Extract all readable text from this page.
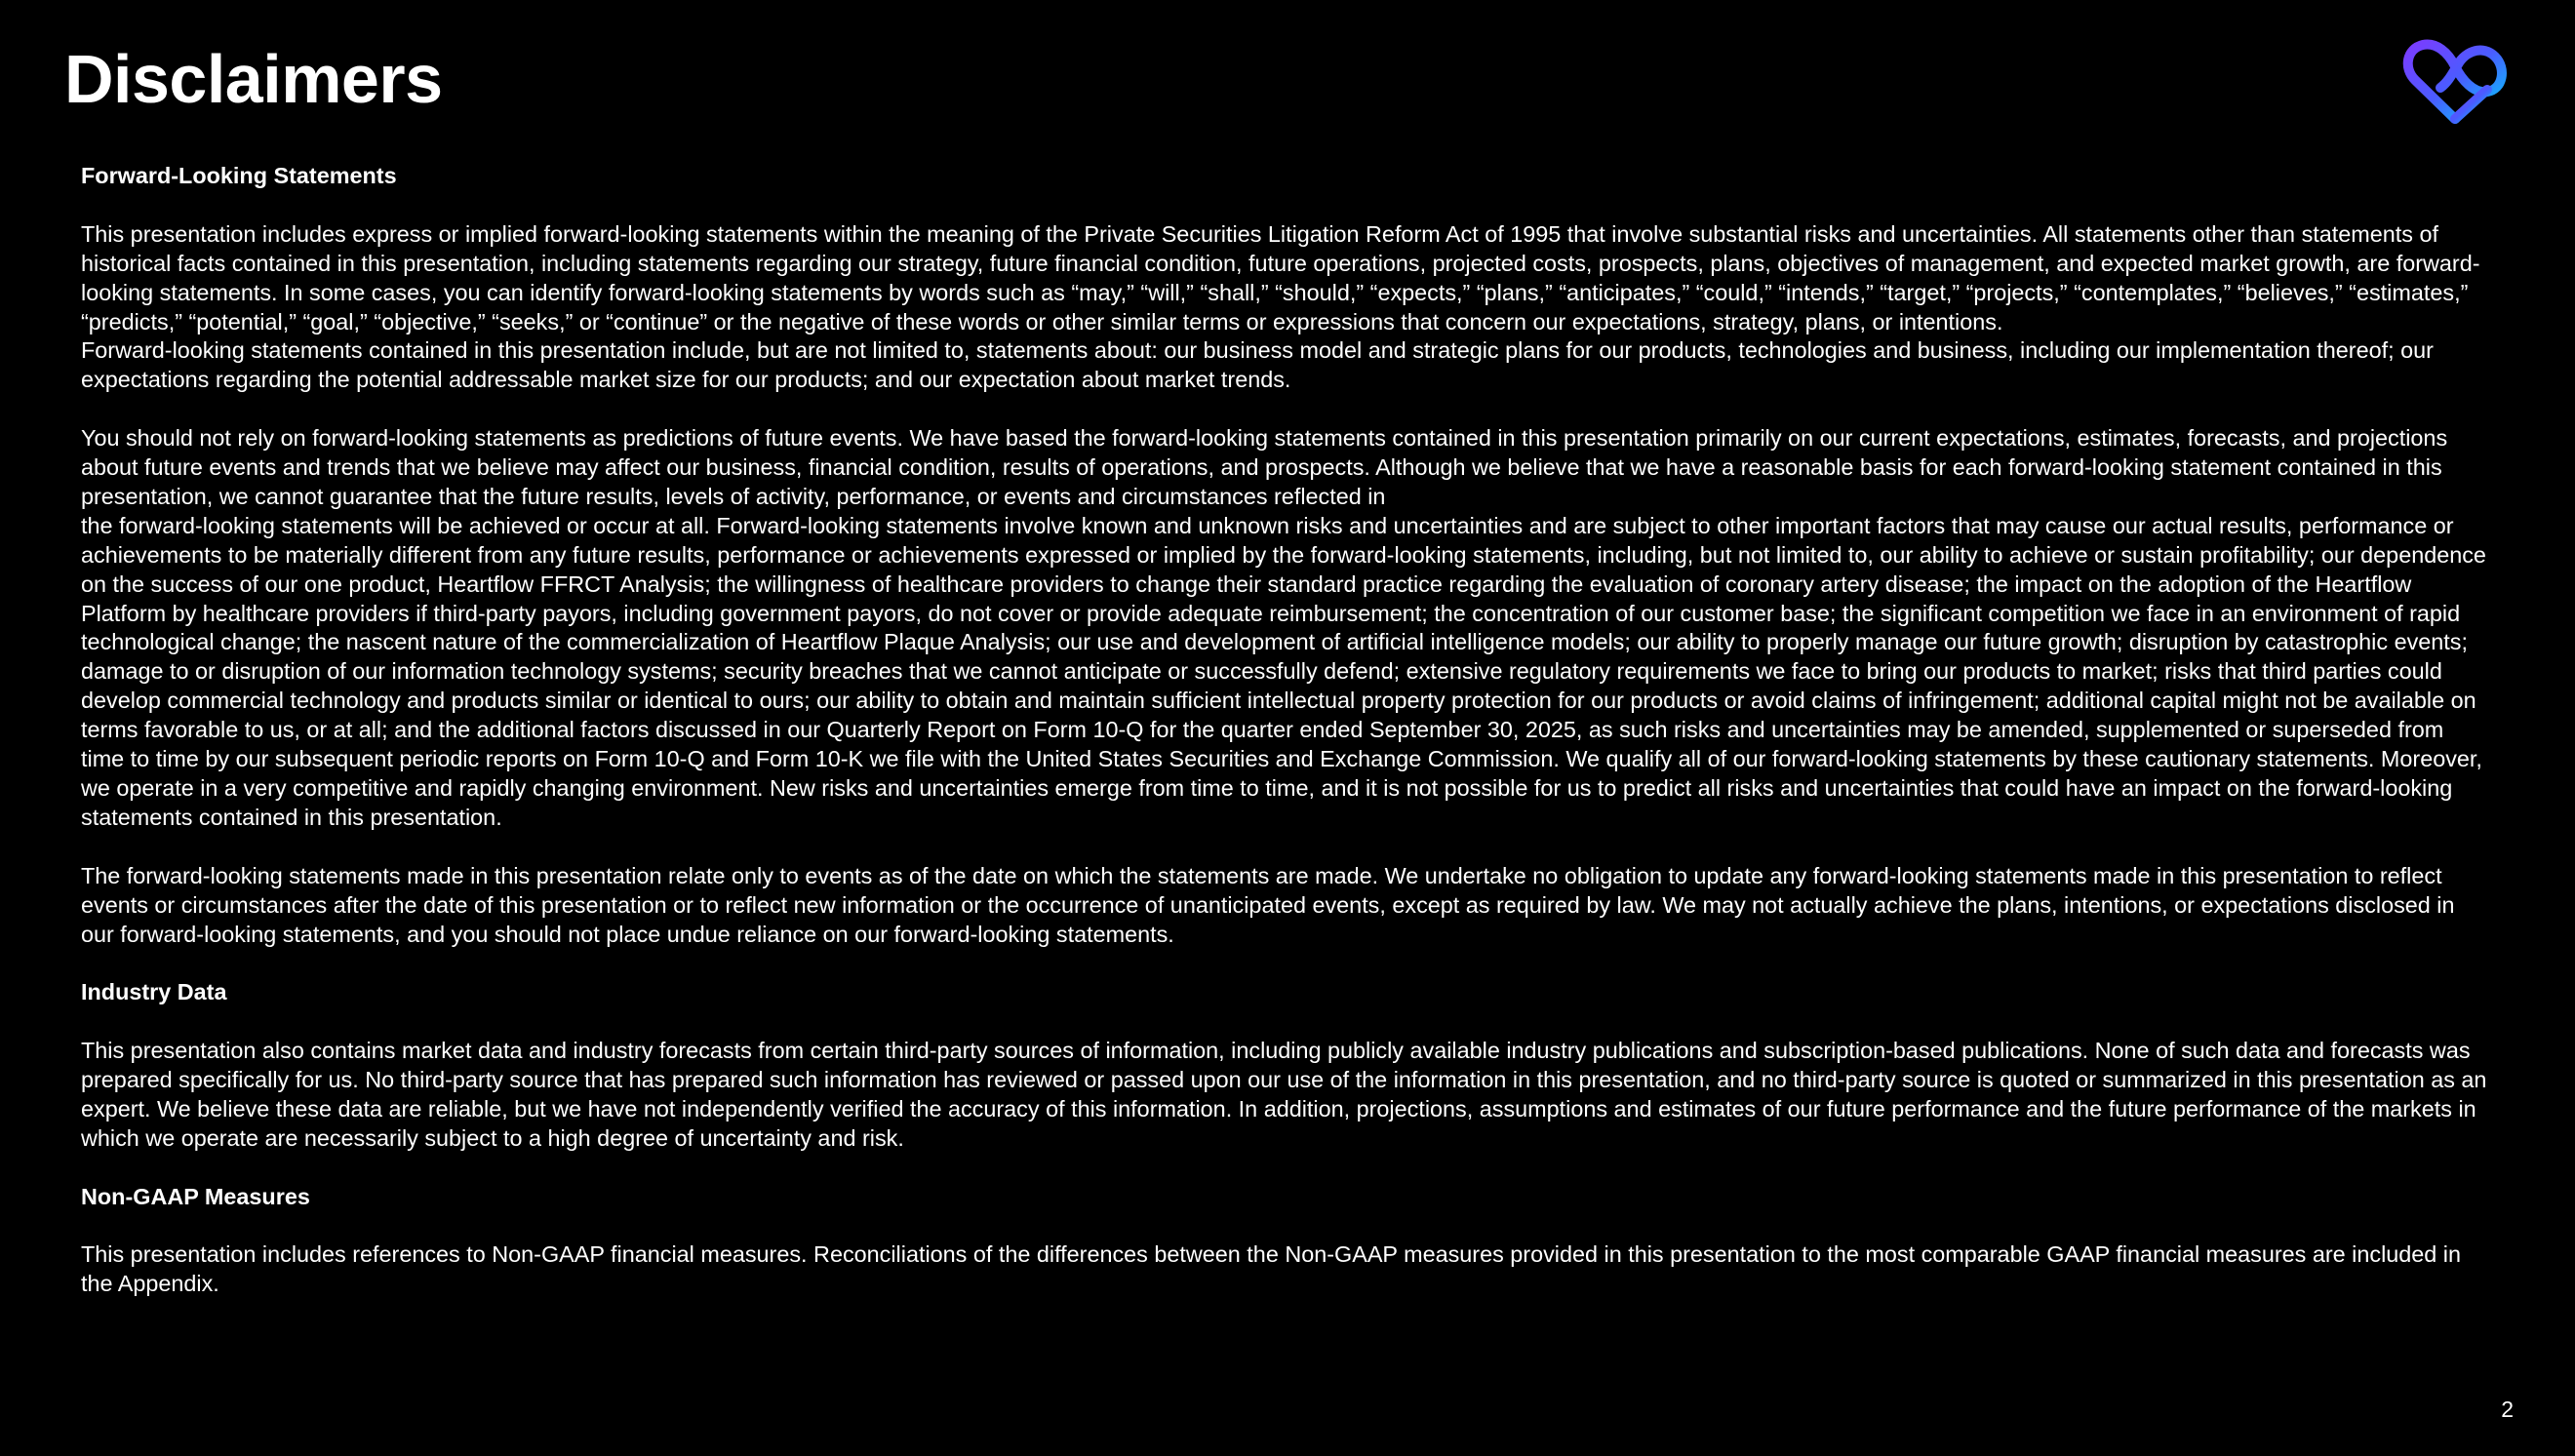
Disclaimers

Forward-Looking Statements

This presentation includes express or implied forward-looking statements within the meaning of the Private Securities Litigation Reform Act of 1995 that involve substantial risks and uncertainties. All statements other than statements of historical facts contained in this presentation, including statements regarding our strategy, future financial condition, future operations, projected costs, prospects, plans, objectives of management, and expected market growth, are forward-looking statements. In some cases, you can identify forward-looking statements by words such as “may,” “will,” “shall,” “should,” “expects,” “plans,” “anticipates,” “could,” “intends,” “target,” “projects,” “contemplates,” “believes,” “estimates,” “predicts,” “potential,” “goal,” “objective,” “seeks,” or “continue” or the negative of these words or other similar terms or expressions that concern our expectations, strategy, plans, or intentions.

Forward-looking statements contained in this presentation include, but are not limited to, statements about: our business model and strategic plans for our products, technologies and business, including our implementation thereof; our expectations regarding the potential addressable market size for our products; and our expectation about market trends.

You should not rely on forward-looking statements as predictions of future events. We have based the forward-looking statements contained in this presentation primarily on our current expectations, estimates, forecasts, and projections about future events and trends that we believe may affect our business, financial condition, results of operations, and prospects. Although we believe that we have a reasonable basis for each forward-looking statement contained in this presentation, we cannot guarantee that the future results, levels of activity, performance, or events and circumstances reflected in

the forward-looking statements will be achieved or occur at all. Forward-looking statements involve known and unknown risks and uncertainties and are subject to other important factors that may cause our actual results, performance or achievements to be materially different from any future results, performance or achievements expressed or implied by the forward-looking statements, including, but not limited to, our ability to achieve or sustain profitability; our dependence on the success of our one product, Heartflow FFRCT Analysis; the willingness of healthcare providers to change their standard practice regarding the evaluation of coronary artery disease; the impact on the adoption of the Heartflow Platform by healthcare providers if third-party payors, including government payors, do not cover or provide adequate reimbursement; the concentration of our customer base; the significant competition we face in an environment of rapid technological change; the nascent nature of the commercialization of Heartflow Plaque Analysis; our use and development of artificial intelligence models; our ability to properly manage our future growth; disruption by catastrophic events; damage to or disruption of our information technology systems; security breaches that we cannot anticipate or successfully defend; extensive regulatory requirements we face to bring our products to market; risks that third parties could develop commercial technology and products similar or identical to ours; our ability to obtain and maintain sufficient intellectual property protection for our products or avoid claims of infringement; additional capital might not be available on terms favorable to us, or at all; and the additional factors discussed in our Quarterly Report on Form 10-Q for the quarter ended September 30, 2025, as such risks and uncertainties may be amended, supplemented or superseded from time to time by our subsequent periodic reports on Form 10-Q and Form 10-K we file with the United States Securities and Exchange Commission. We qualify all of our forward-looking statements by these cautionary statements. Moreover, we operate in a very competitive and rapidly changing environment. New risks and uncertainties emerge from time to time, and it is not possible for us to predict all risks and uncertainties that could have an impact on the forward-looking statements contained in this presentation.

The forward-looking statements made in this presentation relate only to events as of the date on which the statements are made. We undertake no obligation to update any forward-looking statements made in this presentation to reflect events or circumstances after the date of this presentation or to reflect new information or the occurrence of unanticipated events, except as required by law. We may not actually achieve the plans, intentions, or expectations disclosed in our forward-looking statements, and you should not place undue reliance on our forward-looking statements.

Industry Data

This presentation also contains market data and industry forecasts from certain third-party sources of information, including publicly available industry publications and subscription-based publications. None of such data and forecasts was prepared specifically for us. No third-party source that has prepared such information has reviewed or passed upon our use of the information in this presentation, and no third-party source is quoted or summarized in this presentation as an expert. We believe these data are reliable, but we have not independently verified the accuracy of this information. In addition, projections, assumptions and estimates of our future performance and the future performance of the markets in which we operate are necessarily subject to a high degree of uncertainty and risk.

Non-GAAP Measures

This presentation includes references to Non-GAAP financial measures. Reconciliations of the differences between the Non-GAAP measures provided in this presentation to the most comparable GAAP financial measures are included in the Appendix.

2
